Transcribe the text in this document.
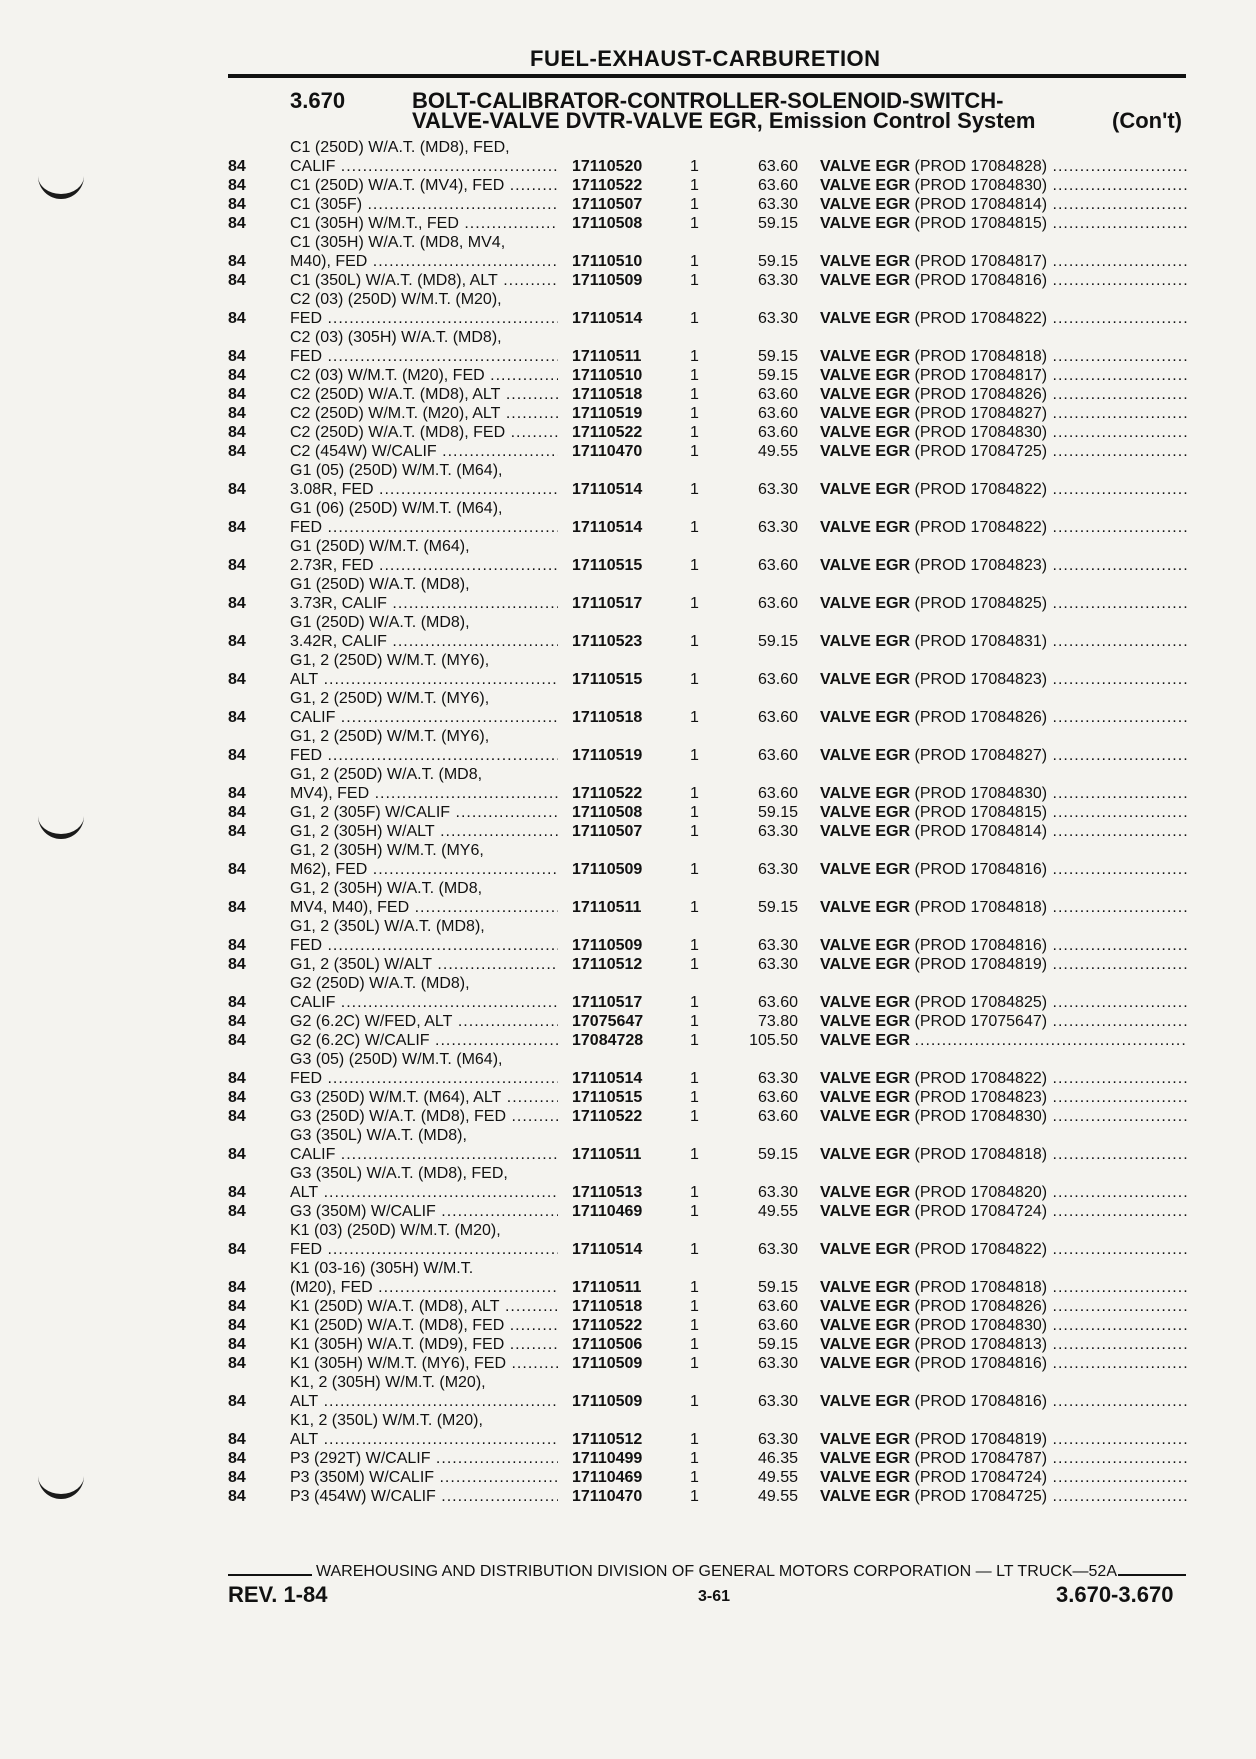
FUEL-EXHAUST-CARBURETION
3.670	BOLT-CALIBRATOR-CONTROLLER-SOLENOID-SWITCH-
VALVE-VALVE DVTR-VALVE EGR, Emission Control System	(Con't)
84
C1 (250D) W/A.T. (MD8), FED,
CALIF .....	17110520	1	63.60 VALVE EGR (PROD 17084828) .....
84	C1 (250D) W/A.T. (MV4), FED .....	17110522	1	63.60 VALVE EGR (PROD 17084830) .....
84	C1 (305F) .....	17110507	1	63.30 VALVE EGR (PROD 17084814) .....
84	C1 (305H) W/M.T., FED .....	17110508	1	59.15 VALVE EGR (PROD 17084815) .....
84
C1 (305H) W/A.T. (MD8, MV4,
M40), FED .....	17110510	1	59.15 VALVE EGR (PROD 17084817) .....
84	C1 (350L) W/A.T. (MD8), ALT .....	17110509	1	63.30 VALVE EGR (PROD 17084816) .....
84
C2 (03) (250D) W/M.T. (M20),
FED .....	17110514	1	63.30 VALVE EGR (PROD 17084822) .....
84
C2 (03) (305H) W/A.T. (MD8),
FED .....	17110511	1	59.15 VALVE EGR (PROD 17084818) .....
84	C2 (03) W/M.T. (M20), FED .....	17110510	1	59.15 VALVE EGR (PROD 17084817) .....
84	C2 (250D) W/A.T. (MD8), ALT .....	17110518	1	63.60 VALVE EGR (PROD 17084826) .....
84	C2 (250D) W/M.T. (M20), ALT .....	17110519	1	63.60 VALVE EGR (PROD 17084827) .....
84	C2 (250D) W/A.T. (MD8), FED .....	17110522	1	63.60 VALVE EGR (PROD 17084830) .....
84	C2 (454W) W/CALIF .....	17110470	1	49.55 VALVE EGR (PROD 17084725) .....
84
G1 (05) (250D) W/M.T. (M64),
3.08R, FED .....	17110514	1	63.30 VALVE EGR (PROD 17084822) .....
84
G1 (06) (250D) W/M.T. (M64),
FED .....	17110514	1	63.30 VALVE EGR (PROD 17084822) .....
84
G1 (250D) W/M.T. (M64),
2.73R, FED .....	17110515	1	63.60 VALVE EGR (PROD 17084823) .....
84
G1 (250D) W/A.T. (MD8),
3.73R, CALIF .....	17110517	1	63.60 VALVE EGR (PROD 17084825) .....
84
G1 (250D) W/A.T. (MD8),
3.42R, CALIF .....	17110523	1	59.15 VALVE EGR (PROD 17084831) .....
84
G1, 2 (250D) W/M.T. (MY6),
ALT .....	17110515	1	63.60 VALVE EGR (PROD 17084823) .....
84
G1, 2 (250D) W/M.T. (MY6),
CALIF .....	17110518	1	63.60 VALVE EGR (PROD 17084826) .....
84
G1, 2 (250D) W/M.T. (MY6),
FED .....	17110519	1	63.60 VALVE EGR (PROD 17084827) .....
84
G1, 2 (250D) W/A.T. (MD8,
MV4), FED .....	17110522	1	63.60 VALVE EGR (PROD 17084830) .....
84	G1, 2 (305F) W/CALIF .....	17110508	1	59.15 VALVE EGR (PROD 17084815) .....
84	G1, 2 (305H) W/ALT .....	17110507	1	63.30 VALVE EGR (PROD 17084814) .....
84
G1, 2 (305H) W/M.T. (MY6,
M62), FED .....	17110509	1	63.30 VALVE EGR (PROD 17084816) .....
84
G1, 2 (305H) W/A.T. (MD8,
MV4, M40), FED .....	17110511	1	59.15 VALVE EGR (PROD 17084818) .....
84
G1, 2 (350L) W/A.T. (MD8),
FED .....	17110509	1	63.30 VALVE EGR (PROD 17084816) .....
84	G1, 2 (350L) W/ALT .....	17110512	1	63.30 VALVE EGR (PROD 17084819) .....
84
G2 (250D) W/A.T. (MD8),
CALIF .....	17110517	1	63.60 VALVE EGR (PROD 17084825) .....
84	G2 (6.2C) W/FED, ALT .....	17075647	1	73.80 VALVE EGR (PROD 17075647) .....
84	G2 (6.2C) W/CALIF .....	17084728	1	105.50 VALVE EGR .....
84
G3 (05) (250D) W/M.T. (M64),
FED .....	17110514	1	63.30 VALVE EGR (PROD 17084822) .....
84	G3 (250D) W/M.T. (M64), ALT .....	17110515	1	63.60 VALVE EGR (PROD 17084823) .....
84	G3 (250D) W/A.T. (MD8), FED .....	17110522	1	63.60 VALVE EGR (PROD 17084830) .....
84
G3 (350L) W/A.T. (MD8),
CALIF .....	17110511	1	59.15 VALVE EGR (PROD 17084818) .....
84
G3 (350L) W/A.T. (MD8), FED,
ALT .....	17110513	1	63.30 VALVE EGR (PROD 17084820) .....
84	G3 (350M) W/CALIF .....	17110469	1	49.55 VALVE EGR (PROD 17084724) .....
84
K1 (03) (250D) W/M.T. (M20),
FED .....	17110514	1	63.30 VALVE EGR (PROD 17084822) .....
84
K1 (03-16) (305H) W/M.T.
(M20), FED .....	17110511	1	59.15 VALVE EGR (PROD 17084818) .....
84	K1 (250D) W/A.T. (MD8), ALT .....	17110518	1	63.60 VALVE EGR (PROD 17084826) .....
84	K1 (250D) W/A.T. (MD8), FED .....	17110522	1	63.60 VALVE EGR (PROD 17084830) .....
84	K1 (305H) W/A.T. (MD9), FED .....	17110506	1	59.15 VALVE EGR (PROD 17084813) .....
84	K1 (305H) W/M.T. (MY6), FED .....	17110509	1	63.30 VALVE EGR (PROD 17084816) .....
84
K1, 2 (305H) W/M.T. (M20),
ALT .....	17110509	1	63.30 VALVE EGR (PROD 17084816) .....
84
K1, 2 (350L) W/M.T. (M20),
ALT .....	17110512	1	63.30 VALVE EGR (PROD 17084819) .....
84	P3 (292T) W/CALIF .....	17110499	1	46.35 VALVE EGR (PROD 17084787) .....
84	P3 (350M) W/CALIF .....	17110469	1	49.55 VALVE EGR (PROD 17084724) .....
84	P3 (454W) W/CALIF .....	17110470	1	49.55 VALVE EGR (PROD 17084725) .....
WAREHOUSING AND DISTRIBUTION DIVISION OF GENERAL MOTORS CORPORATION — LT TRUCK—52A
REV. 1-84	3-61	3.670-3.670
